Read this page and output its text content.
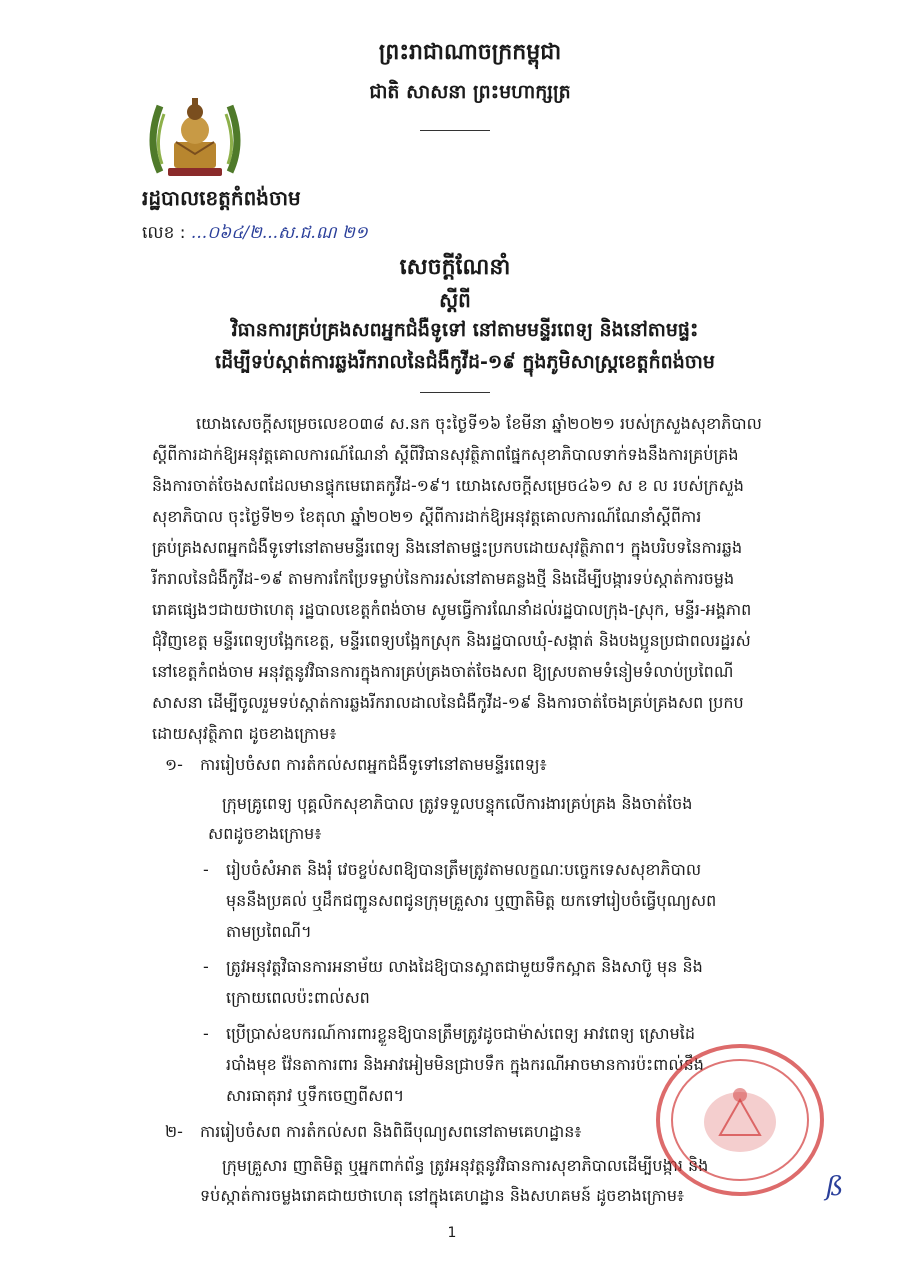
ព្រះរាជាណាចក្រកម្ពុជា
ជាតិ សាសនា ព្រះមហាក្សត្រ
រដ្ឋបាលខេត្តកំពង់ចាម
លេខ : ...០៦៤/២...ស.ជ.ណ ២១
សេចក្តីណែនាំ
ស្តីពី
វិធានការគ្រប់គ្រងសពអ្នកជំងឺទូទៅ នៅតាមមន្ទីរពេទ្យ និងនៅតាមផ្ទះ
ដើម្បីទប់ស្កាត់ការឆ្លងរីករាលនៃជំងឺកូវីដ-១៩ ក្នុងភូមិសាស្ត្រខេត្តកំពង់ចាម
យោងសេចក្តីសម្រេចលេខ០៣៨ ស.នក ចុះថ្ងៃទី១៦ ខែមីនា ឆ្នាំ២០២១ របស់ក្រសួងសុខាភិបាល
ស្តីពីការដាក់ឱ្យអនុវត្តគោលការណ៍ណែនាំ ស្តីពីវិធានសុវត្ថិភាពផ្នែកសុខាភិបាលទាក់ទងនឹងការគ្រប់គ្រង
និងការចាត់ចែងសពដែលមានផ្ទុកមេរោគកូវីដ-១៩។ យោងសេចក្តីសម្រេច៤៦១ ស ខ ល របស់ក្រសួង
សុខាភិបាល ចុះថ្ងៃទី២១ ខែតុលា ឆ្នាំ២០២១ ស្តីពីការដាក់ឱ្យអនុវត្តគោលការណ៍ណែនាំស្តីពីការ
គ្រប់គ្រងសពអ្នកជំងឺទូទៅនៅតាមមន្ទីរពេទ្យ និងនៅតាមផ្ទះប្រកបដោយសុវត្ថិភាព។ ក្នុងបរិបទនៃការឆ្លង
រីករាលនៃជំងឺកូវីដ-១៩ តាមការកែប្រែទម្លាប់នៃការរស់នៅតាមគន្លងថ្មី និងដើម្បីបង្ការទប់ស្កាត់ការចម្លង
រោគផ្សេងៗជាយថាហេតុ រដ្ឋបាលខេត្តកំពង់ចាម សូមធ្វើការណែនាំដល់រដ្ឋបាលក្រុង-ស្រុក, មន្ទីរ-អង្គភាព
ជុំវិញខេត្ត មន្ទីរពេទ្យបង្អែកខេត្ត, មន្ទីរពេទ្យបង្អែកស្រុក និងរដ្ឋបាលឃុំ-សង្កាត់ និងបងប្អូនប្រជាពលរដ្ឋរស់
នៅខេត្តកំពង់ចាម អនុវត្តនូវវិធានការក្នុងការគ្រប់គ្រងចាត់ចែងសព ឱ្យស្របតាមទំនៀមទំលាប់ប្រពៃណី
សាសនា ដើម្បីចូលរួមទប់ស្កាត់ការឆ្លងរីករាលដាលនៃជំងឺកូវីដ-១៩ និងការចាត់ចែងគ្រប់គ្រងសព ប្រកប
ដោយសុវត្ថិភាព ដូចខាងក្រោម៖
១- ការរៀបចំសព ការតំកល់សពអ្នកជំងឺទូទៅនៅតាមមន្ទីរពេទ្យ៖
ក្រុមគ្រូពេទ្យ បុគ្គលិកសុខាភិបាល ត្រូវទទួលបន្ទុកលើការងារគ្រប់គ្រង និងចាត់ចែង
សពដូចខាងក្រោម៖
- រៀបចំសំអាត និងរុំ វេចខ្ចប់សពឱ្យបានត្រឹមត្រូវតាមលក្ខណៈបច្ចេកទេសសុខាភិបាល
មុននឹងប្រគល់ ឬដឹកជញ្ជូនសពជូនក្រុមគ្រួសារ ឬញាតិមិត្ត យកទៅរៀបចំធ្វើបុណ្យសព
តាមប្រពៃណី។
- ត្រូវអនុវត្តវិធានការអនាម័យ លាងដៃឱ្យបានស្អាតជាមួយទឹកស្អាត និងសាប៊ូ មុន និង
ក្រោយពេលប៉ះពាល់សព
- ប្រើប្រាស់ឧបករណ៍ការពារខ្លួនឱ្យបានត្រឹមត្រូវដូចជាម៉ាស់ពេទ្យ អាវពេទ្យ ស្រោមដៃ
របាំងមុខ វ៉ែនតាការពារ និងអាវអៀមមិនជ្រាបទឹក ក្នុងករណីអាចមានការប៉ះពាល់នឹង
សារធាតុរាវ ឬទឹកចេញពីសព។
២- ការរៀបចំសព ការតំកល់សព និងពិធីបុណ្យសពនៅតាមគេហដ្ឋាន៖
ក្រុមគ្រួសារ ញាតិមិត្ត ឬអ្នកពាក់ព័ន្ធ ត្រូវអនុវត្តនូវវិធានការសុខាភិបាលដើម្បីបង្ការ និង
ទប់ស្កាត់ការចម្លងរោគជាយថាហេតុ នៅក្នុងគេហដ្ឋាន និងសហគមន៍ ដូចខាងក្រោម៖	ß
1
